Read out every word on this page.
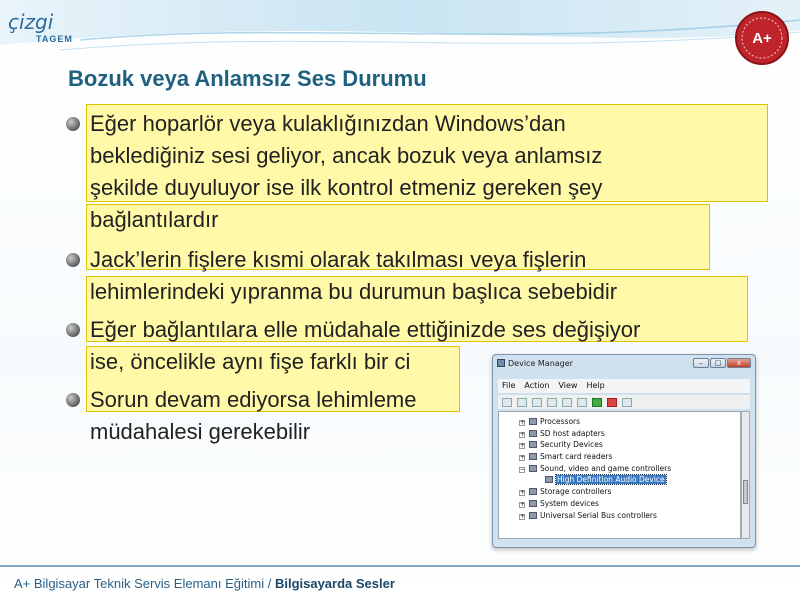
çizgi
TAGEM	A+
Bozuk veya Anlamsız Ses Durumu
Eğer hoparlör veya kulaklığınızdan Windows’dan
beklediğiniz sesi geliyor, ancak bozuk veya anlamsız
şekilde duyuluyor ise ilk kontrol etmeniz gereken şey
bağlantılardır
Jack’lerin fişlere kısmi olarak takılması veya fişlerin
lehimlerindeki yıpranma bu durumun başlıca sebebidir
Eğer bağlantılara elle müdahale ettiğinizde ses değişiyor
ise, öncelikle aynı fişe farklı bir ci
Sorun devam ediyorsa lehimleme
müdahalesi gerekebilir
Device Manager	–	□	x
File Action View Help
+ Processors
+ SD host adapters
+ Security Devices
+ Smart card readers
− Sound, video and game controllers
High Definition Audio Device
+ Storage controllers
+ System devices
+ Universal Serial Bus controllers
A+ Bilgisayar Teknik Servis Elemanı Eğitimi / Bilgisayarda Sesler
